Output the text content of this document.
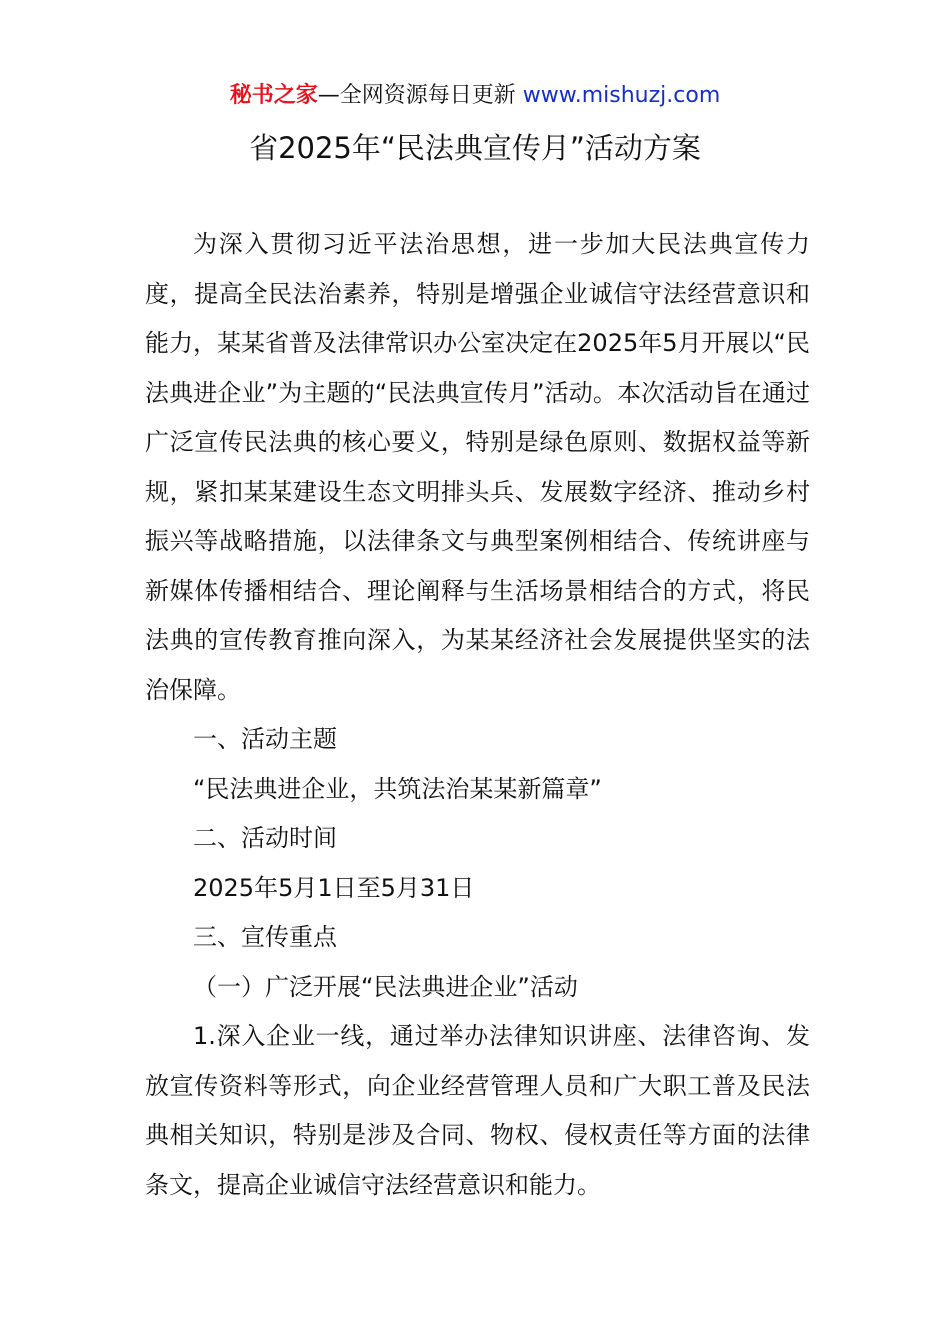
秘书之家—全网资源每日更新 www.mishuzj.com
省2025年“民法典宣传月”活动方案

为深入贯彻习近平法治思想，进一步加大民法典宣传力度，提高全民法治素养，特别是增强企业诚信守法经营意识和能力，某某省普及法律常识办公室决定在2025年5月开展以“民法典进企业”为主题的“民法典宣传月”活动。本次活动旨在通过广泛宣传民法典的核心要义，特别是绿色原则、数据权益等新规，紧扣某某建设生态文明排头兵、发展数字经济、推动乡村振兴等战略措施，以法律条文与典型案例相结合、传统讲座与新媒体传播相结合、理论阐释与生活场景相结合的方式，将民法典的宣传教育推向深入，为某某经济社会发展提供坚实的法治保障。

一、活动主题

“民法典进企业，共筑法治某某新篇章”

二、活动时间

2025年5月1日至5月31日

三、宣传重点

（一）广泛开展“民法典进企业”活动

1.深入企业一线，通过举办法律知识讲座、法律咨询、发放宣传资料等形式，向企业经营管理人员和广大职工普及民法典相关知识，特别是涉及合同、物权、侵权责任等方面的法律条文，提高企业诚信守法经营意识和能力。
